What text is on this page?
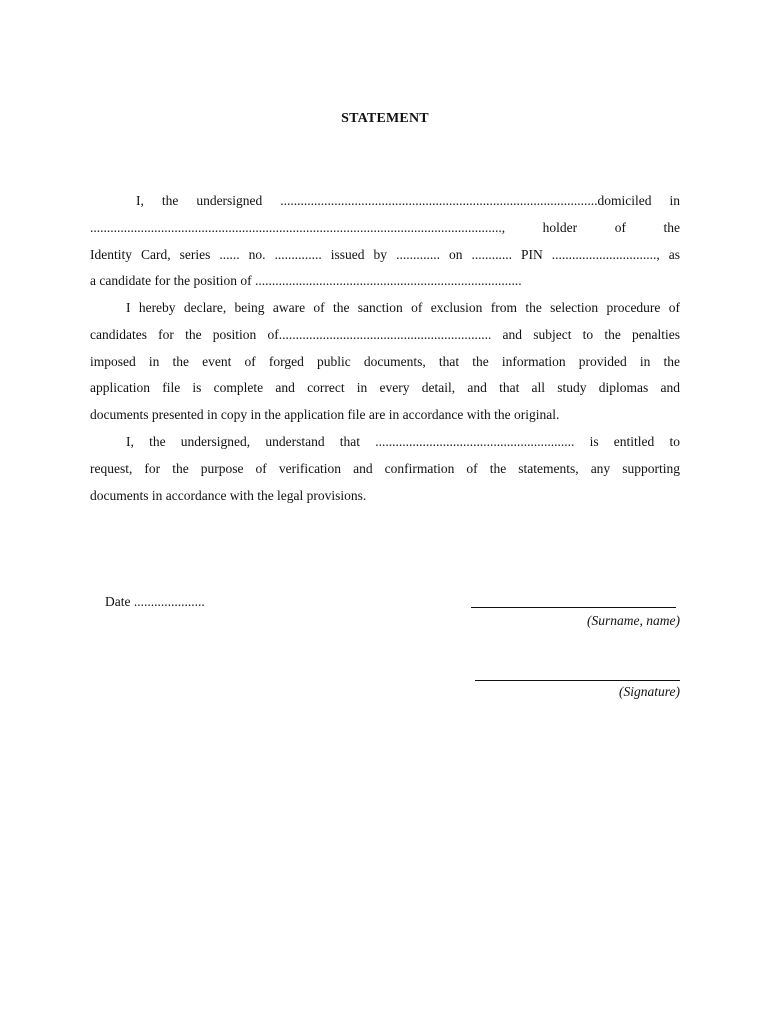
STATEMENT
I, the undersigned ..............................................................................................domiciled in
.........................................................................................................................., holder of the
Identity Card, series ...... no. .............. issued by ............. on ............ PIN ..............................., as
a candidate for the position of ...............................................................................
I hereby declare, being aware of the sanction of exclusion from the selection procedure of
candidates for the position of............................................................... and subject to the penalties
imposed in the event of forged public documents, that the information provided in the
application file is complete and correct in every detail, and that all study diplomas and
documents presented in copy in the application file are in accordance with the original.
I, the undersigned, understand that ........................................................... is entitled to
request, for the purpose of verification and confirmation of the statements, any supporting
documents in accordance with the legal provisions.
Date .....................
(Surname, name)
(Signature)
